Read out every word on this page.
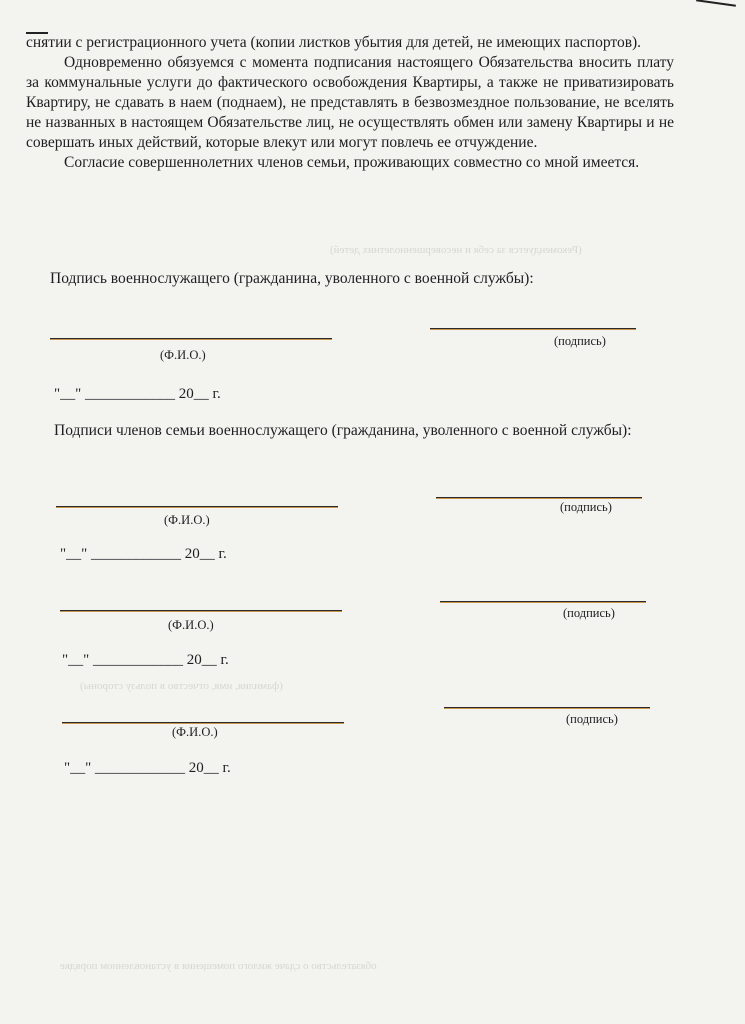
(Рекомендуется за себя и несовершеннолетних детей)
(фамилия, имя, отчество в пользу стороны)
обязательство о сдаче жилого помещения в установленном порядке

снятии с регистрационного учета (копии листков убытия для детей, не имеющих паспортов).

Одновременно обязуемся с момента подписания настоящего Обязательства вносить плату за коммунальные услуги до фактического освобождения Квартиры, а также не приватизировать Квартиру, не сдавать в наем (поднаем), не представлять в безвозмездное пользование, не вселять не названных в настоящем Обязательстве лиц, не осуществлять обмен или замену Квартиры и не совершать иных действий, которые влекут или могут повлечь ее отчуждение.

Согласие совершеннолетних членов семьи, проживающих совместно со мной имеется.

Подпись военнослужащего (гражданина, уволенного с военной службы):
(Ф.И.О.)
(подпись)
"__" ____________ 20__ г.
Подписи членов семьи военнослужащего (гражданина, уволенного с военной службы):
(Ф.И.О.)
(подпись)
"__" ____________ 20__ г.
(Ф.И.О.)
(подпись)
"__" ____________ 20__ г.
(Ф.И.О.)
(подпись)
"__" ____________ 20__ г.
